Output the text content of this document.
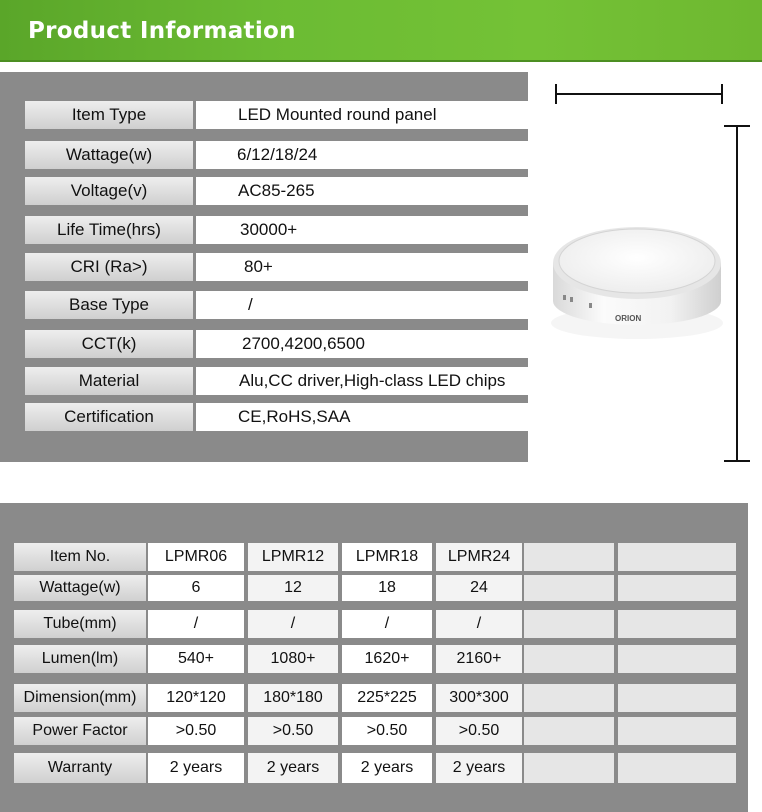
Product Information
Item Type	LED Mounted round panel
Wattage(w)	6/12/18/24
Voltage(v)	AC85-265
Life Time(hrs)	30000+
CRI (Ra>)	80+
Base Type	/
CCT(k)	2700,4200,6500
Material	Alu,CC driver,High-class LED chips
Certification	CE,RoHS,SAA
ORION
Item No.	LPMR06	LPMR12	LPMR18	LPMR24
Wattage(w)	6	12	18	24
Tube(mm)	/	/	/	/
Lumen(lm)	540+	1080+	1620+	2160+
Dimension(mm)	120*120	180*180	225*225	300*300
Power Factor	>0.50	>0.50	>0.50	>0.50
Warranty	2 years	2 years	2 years	2 years
